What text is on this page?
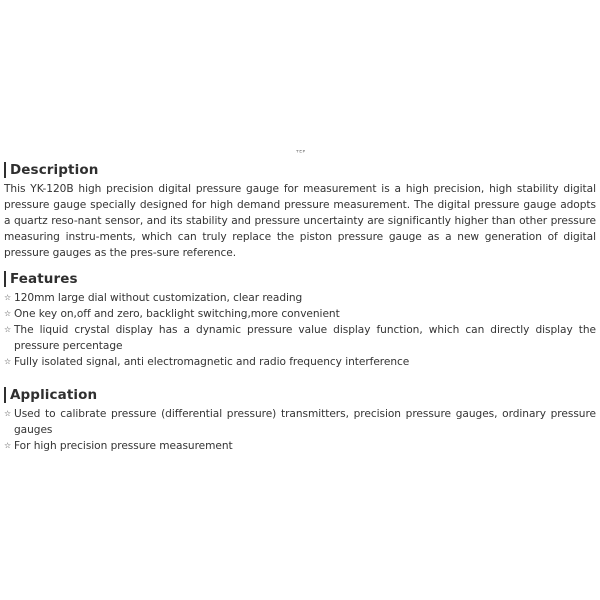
ᵀᴱᴾ
Description

This YK-120B high precision digital pressure gauge for measurement is a high precision, high stability digital pressure gauge specially designed for high demand pressure measurement. The digital pressure gauge adopts a quartz reso-nant sensor, and its stability and pressure uncertainty are significantly higher than other pressure measuring instru-ments, which can truly replace the piston pressure gauge as a new generation of digital pressure gauges as the pres-sure reference.

Features
☆ 120mm large dial without customization, clear reading
☆ One key on,off and zero, backlight switching,more convenient
☆ The liquid crystal display has a dynamic pressure value display function, which can directly display the pressure percentage
☆ Fully isolated signal, anti electromagnetic and radio frequency interference
Application
☆ Used to calibrate pressure (differential pressure) transmitters, precision pressure gauges, ordinary pressure gauges
☆ For high precision pressure measurement
